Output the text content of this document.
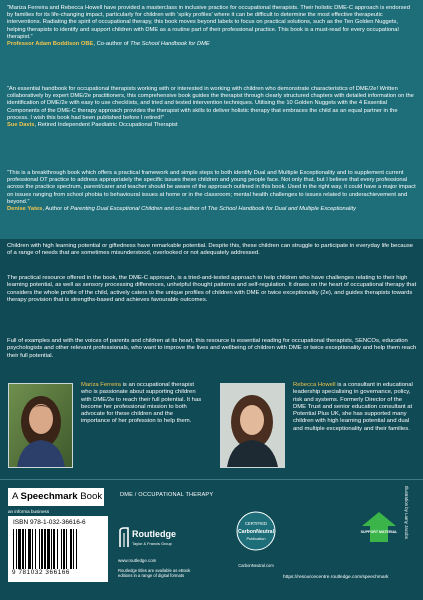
“Mariza Ferreira and Rebecca Howell have provided a masterclass in inclusive practice for occupational therapists. Their holistic DME-C approach is endorsed by families for its life-changing impact, particularly for children with ‘spiky profiles’ where it can be difficult to determine the most effective therapeutic interventions. Radiating the spirit of occupational therapy, this book moves beyond labels to focus on practical solutions, such as the Ten Golden Nuggets, helping therapists to identify and support children with DME as a routine part of their professional practice. This book is a must-read for every occupational therapist.”
Professor Adam Boddison OBE, Co-author of The School Handbook for DME
“An essential handbook for occupational therapists working with or interested in working with children who demonstrate characteristics of DME/2e! Written collaboratively by expert DME/2e practitioners, this comprehensive book guides the therapist through clearly structured chapters with detailed information on the identification of DME/2e with easy to use checklists, and tried and tested intervention techniques. Utilising the 10 Golden Nuggets with the 4 Essential Components of the DME-C therapy approach provides the therapist with skills to deliver holistic therapy that embraces the child as an equal partner in the process. I wish this book had been published before I retired!”
Sue Davis, Retired Independent Paediatric Occupational Therapist
“This is a breakthrough book which offers a practical framework and simple steps to both identify Dual and Multiple Exceptionality and to supplement current professional OT practice to address appropriately the specific issues these children and young people face. Not only that, but I believe that every professional across the practice spectrum, parent/carer and teacher should be aware of the approach outlined in this book. Used in the right way, it could have a major impact on issues ranging from school phobia to behavioural issues at home or in the classroom; mental health challenges to issues related to underachievement and beyond.”
Denise Yates, Author of Parenting Dual Exceptional Children and co-author of The School Handbook for Dual and Multiple Exceptionality

Children with high learning potential or giftedness have remarkable potential. Despite this, these children can struggle to participate in everyday life because of a range of needs that are sometimes misunderstood, overlooked or not adequately addressed.

The practical resource offered in the book, the DME-C approach, is a tried-and-tested approach to help children who have challenges relating to their high learning potential, as well as sensory processing differences, unhelpful thought patterns and self-regulation. It draws on the heart of occupational therapy that considers the whole profile of the child, actively caters to the unique profiles of children with DME or twice exceptionality (2e), and guides therapists towards therapy provision that is strengths-based and achieves favourable outcomes.

Full of examples and with the voices of parents and children at its heart, this resource is essential reading for occupational therapists, SENCOs, education psychologists and other relevant professionals, who want to improve the lives and wellbeing of children with DME or twice exceptionality and help them reach their full potential.

Mariza Ferreira is an occupational therapist who is passionate about supporting children with DME/2e to reach their full potential. It has become her professional mission to both advocate for these children and the importance of her profession to help them.
Rebecca Howell is a consultant in educational leadership specialising in governance, policy, risk and systems. Formerly Director of the DME Trust and senior education consultant at Potential Plus UK, she has supported many children with high learning potential and dual and multiple exceptionality and their families.
A Speechmark Book
an informa business
DME / OCCUPATIONAL THERAPY	Illustration by Lamy Jacobs
ISBN 978-1-032-36616-6
9 781032 366166
Routledge
Taylor & Francis Group
www.routledge.com
Routledge titles are available as eBook editions in a range of digital formats
CERTIFIED
CarbonNeutral
Publication
CarbonNeutral.com
SUPPORT MATERIAL
https://resourcecentre.routledge.com/speechmark
